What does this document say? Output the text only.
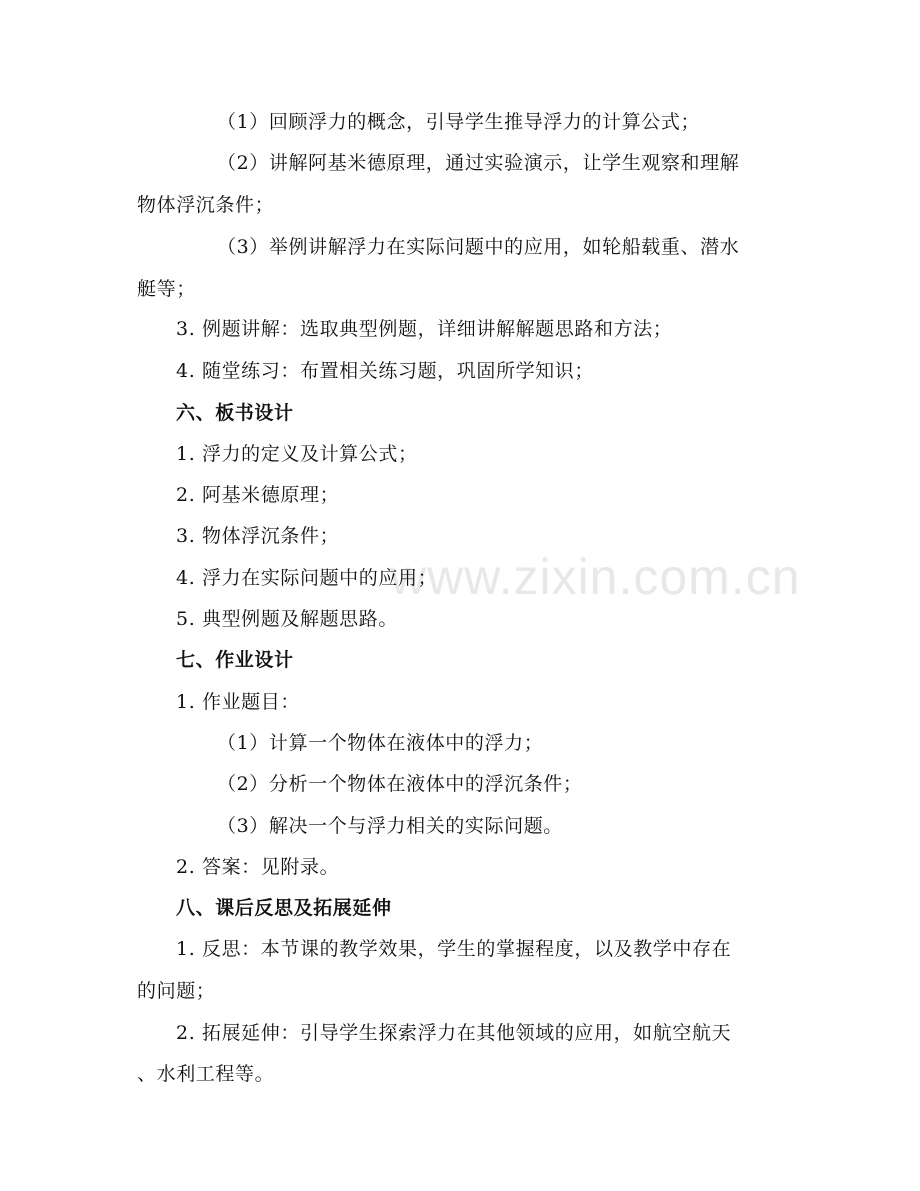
www.zixin.com.cn
（1）回顾浮力的概念，引导学生推导浮力的计算公式；
（2）讲解阿基米德原理，通过实验演示，让学生观察和理解
物体浮沉条件；
（3）举例讲解浮力在实际问题中的应用，如轮船载重、潜水
艇等；
3. 例题讲解：选取典型例题，详细讲解解题思路和方法；
4. 随堂练习：布置相关练习题，巩固所学知识；
六、板书设计
1. 浮力的定义及计算公式；
2. 阿基米德原理；
3. 物体浮沉条件；
4. 浮力在实际问题中的应用；
5. 典型例题及解题思路。
七、作业设计
1. 作业题目：
（1）计算一个物体在液体中的浮力；
（2）分析一个物体在液体中的浮沉条件；
（3）解决一个与浮力相关的实际问题。
2. 答案：见附录。
八、课后反思及拓展延伸
1. 反思：本节课的教学效果，学生的掌握程度，以及教学中存在
的问题；
2. 拓展延伸：引导学生探索浮力在其他领域的应用，如航空航天
、水利工程等。
